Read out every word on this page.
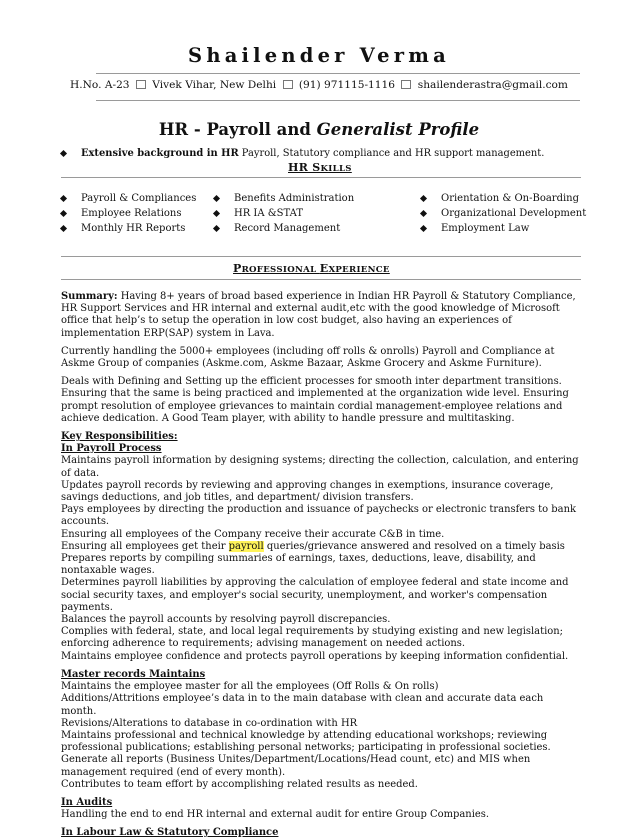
Shailender Verma
H.No. A-23 Vivek Vihar, New Delhi (91) 971115-1116 shailenderastra@gmail.com
HR - Payroll and Generalist Profile
Extensive background in HR Payroll, Statutory compliance and HR support management.
HR SKILLS
Payroll & Compliances
Employee Relations
Monthly HR Reports
Benefits Administration
HR IA &STAT
Record Management
Orientation & On-Boarding
Organizational Development
Employment Law
PROFESSIONAL EXPERIENCE

Summary: Having 8+ years of broad based experience in Indian HR Payroll & Statutory Compliance, HR Support Services and HR internal and external audit,etc with the good knowledge of Microsoft office that help’s to setup the operation in low cost budget, also having an experiences of implementation ERP(SAP) system in Lava.

Currently handling the 5000+ employees (including off rolls & onrolls) Payroll and Compliance at Askme Group of companies (Askme.com, Askme Bazaar, Askme Grocery and Askme Furniture).

Deals with Defining and Setting up the efficient processes for smooth inter department transitions. Ensuring that the same is being practiced and implemented at the organization wide level. Ensuring prompt resolution of employee grievances to maintain cordial management-employee relations and achieve dedication. A Good Team player, with ability to handle pressure and multitasking.

Key Responsibilities:

In Payroll Process

Maintains payroll information by designing systems; directing the collection, calculation, and entering of data.

Updates payroll records by reviewing and approving changes in exemptions, insurance coverage, savings deductions, and job titles, and department/ division transfers.

Pays employees by directing the production and issuance of paychecks or electronic transfers to bank accounts.

Ensuring all employees of the Company receive their accurate C&B in time.

Ensuring all employees get their payroll queries/grievance answered and resolved on a timely basis

Prepares reports by compiling summaries of earnings, taxes, deductions, leave, disability, and nontaxable wages.

Determines payroll liabilities by approving the calculation of employee federal and state income and social security taxes, and employer's social security, unemployment, and worker's compensation payments.

Balances the payroll accounts by resolving payroll discrepancies.

Complies with federal, state, and local legal requirements by studying existing and new legislation; enforcing adherence to requirements; advising management on needed actions.

Maintains employee confidence and protects payroll operations by keeping information confidential.

Master records Maintains

Maintains the employee master for all the employees (Off Rolls & On rolls)

Additions/Attritions employee’s data in to the main database with clean and accurate data each month.

Revisions/Alterations to database in co-ordination with HR

Maintains professional and technical knowledge by attending educational workshops; reviewing professional publications; establishing personal networks; participating in professional societies.

Generate all reports (Business Unites/Department/Locations/Head count, etc) and MIS when management required (end of every month).

Contributes to team effort by accomplishing related results as needed.

In Audits

Handling the end to end HR internal and external audit for entire Group Companies.

In Labour Law & Statutory Compliance
